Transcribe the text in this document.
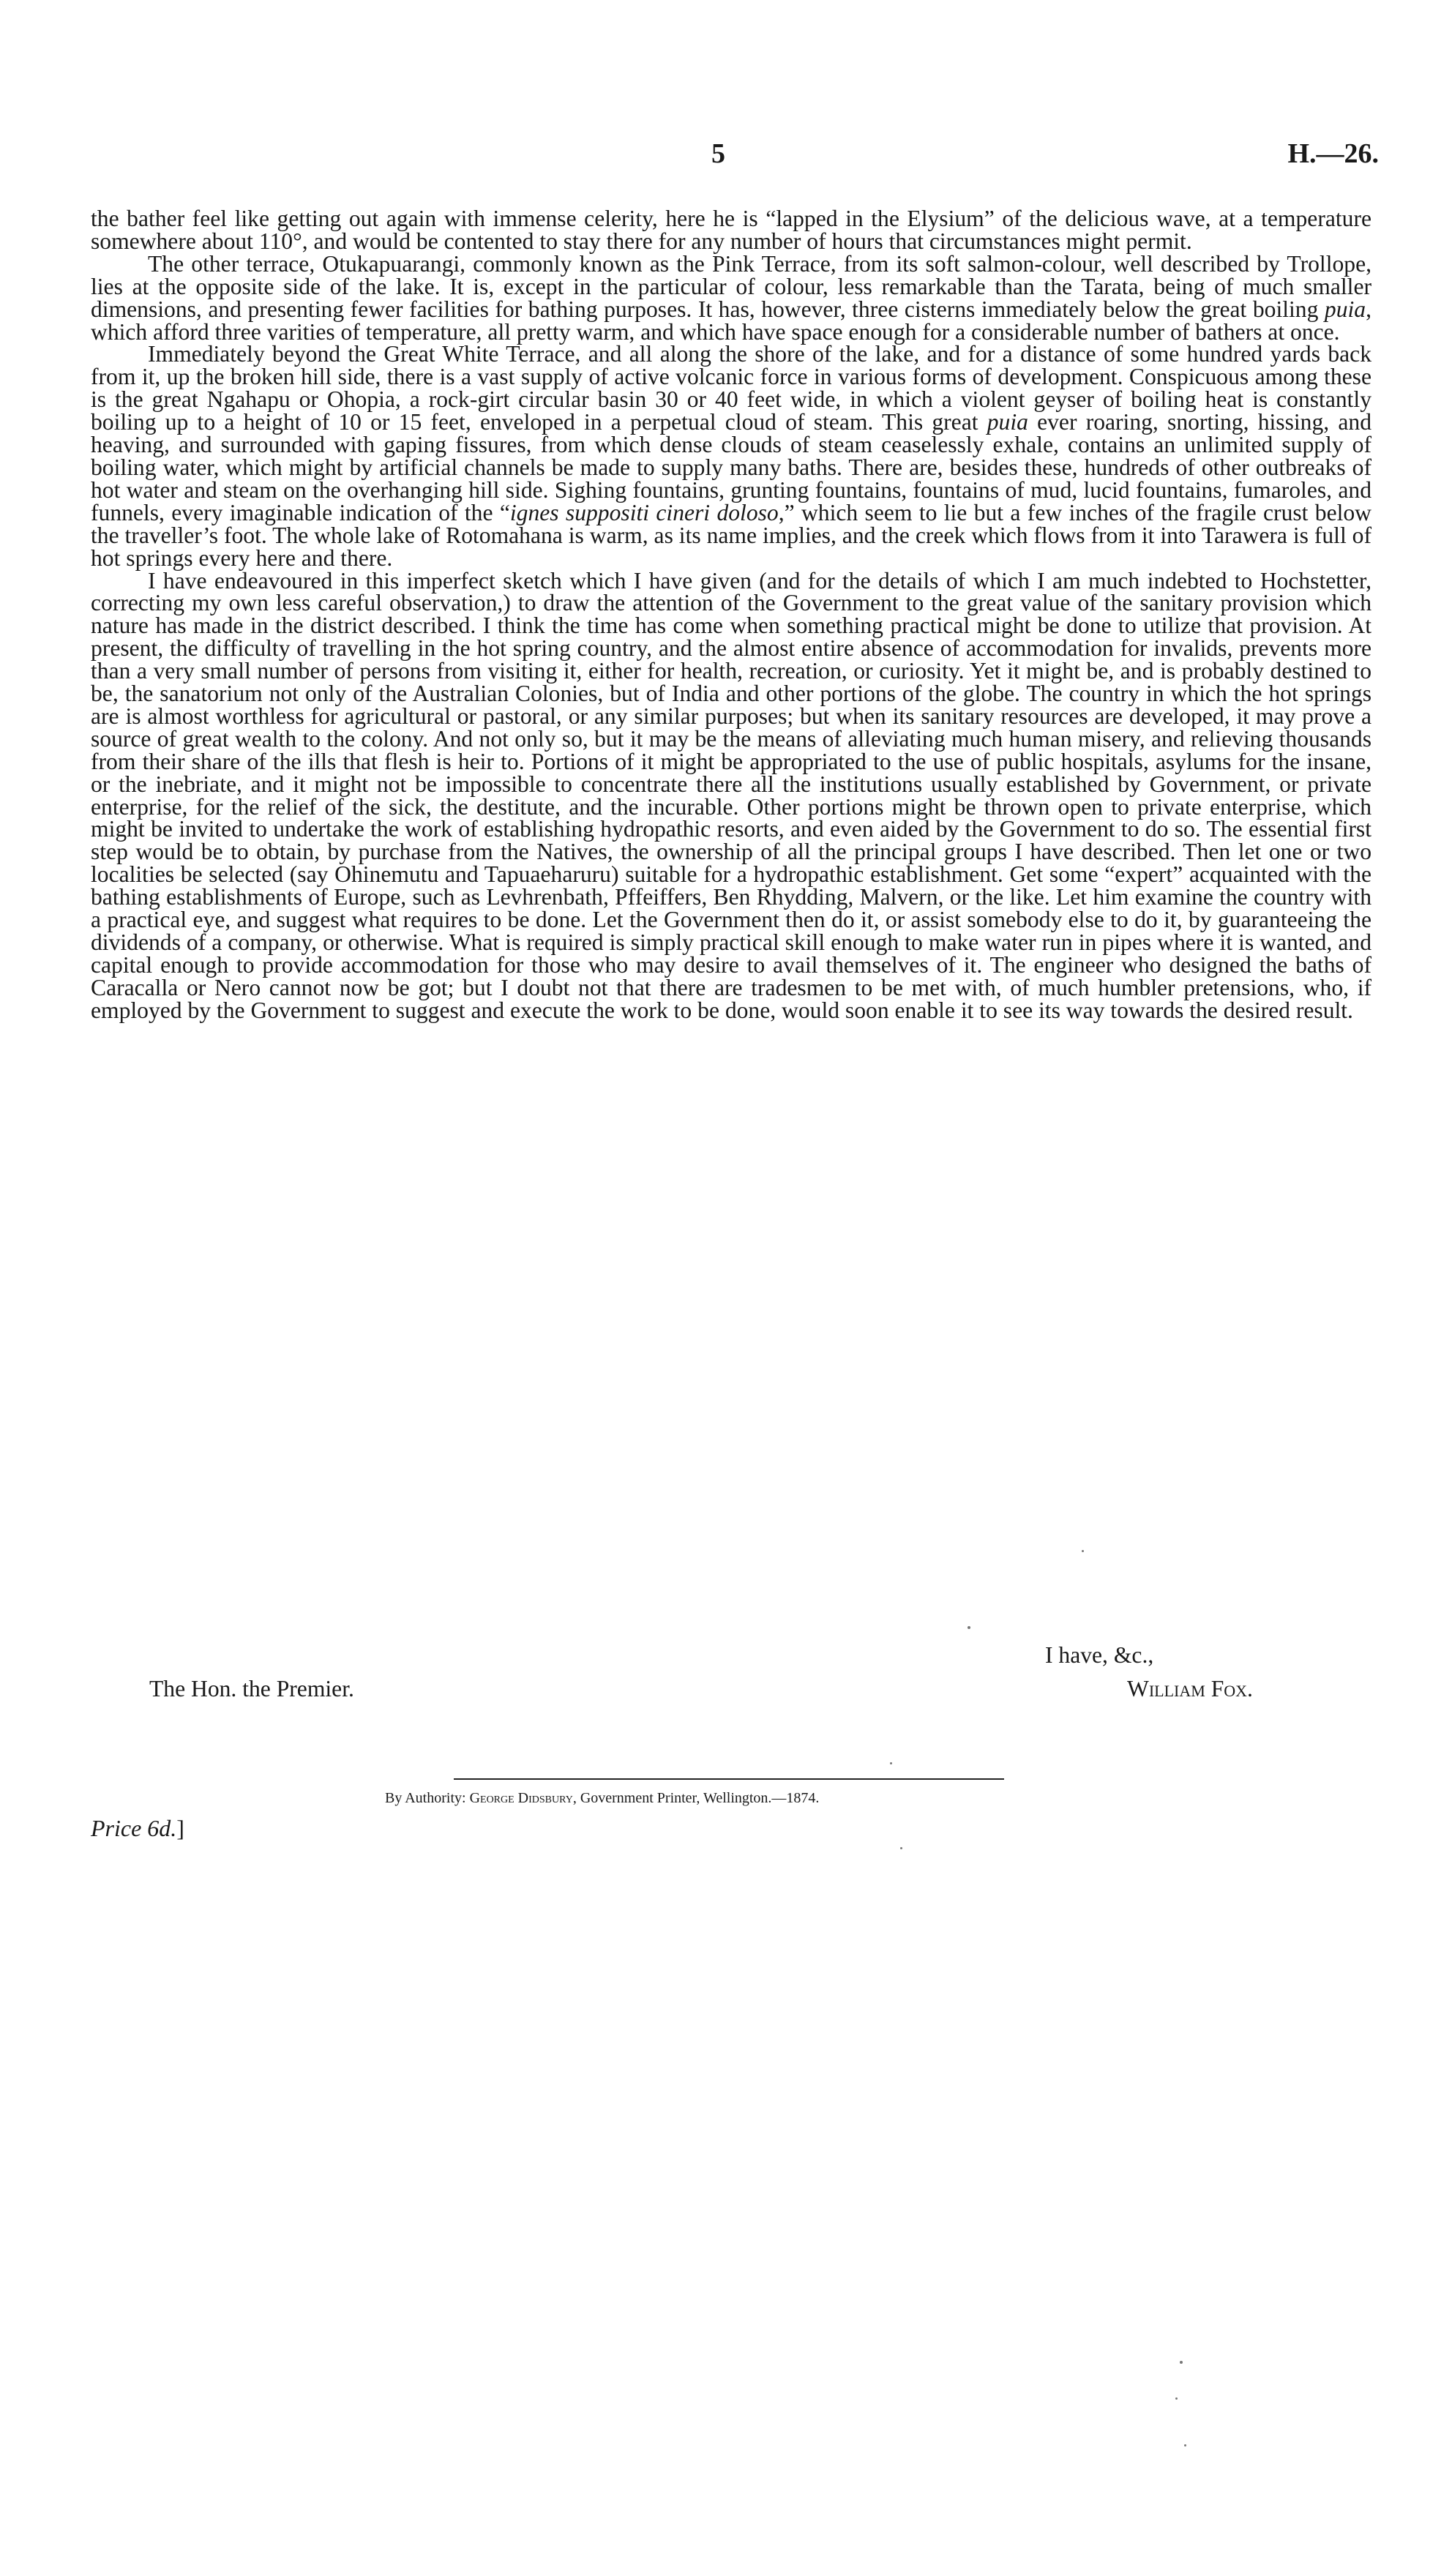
5	H.—26.

the bather feel like getting out again with immense celerity, here he is “lapped in the Elysium” of the delicious wave, at a temperature somewhere about 110°, and would be contented to stay there for any number of hours that circumstances might permit.

The other terrace, Otukapuarangi, commonly known as the Pink Terrace, from its soft salmon-colour, well described by Trollope, lies at the opposite side of the lake. It is, except in the particular of colour, less remarkable than the Tarata, being of much smaller dimensions, and presenting fewer facilities for bathing purposes. It has, however, three cisterns immediately below the great boiling puia, which afford three varities of temperature, all pretty warm, and which have space enough for a considerable number of bathers at once.

Immediately beyond the Great White Terrace, and all along the shore of the lake, and for a distance of some hundred yards back from it, up the broken hill side, there is a vast supply of active volcanic force in various forms of development. Conspicuous among these is the great Ngahapu or Ohopia, a rock-girt circular basin 30 or 40 feet wide, in which a violent geyser of boiling heat is constantly boiling up to a height of 10 or 15 feet, enveloped in a perpetual cloud of steam. This great puia ever roaring, snorting, hissing, and heaving, and surrounded with gaping fissures, from which dense clouds of steam ceaselessly exhale, contains an unlimited supply of boiling water, which might by artificial channels be made to supply many baths. There are, besides these, hundreds of other outbreaks of hot water and steam on the overhanging hill side. Sighing fountains, grunting fountains, fountains of mud, lucid fountains, fumaroles, and funnels, every imaginable indication of the “ignes suppositi cineri doloso,” which seem to lie but a few inches of the fragile crust below the traveller’s foot. The whole lake of Rotomahana is warm, as its name implies, and the creek which flows from it into Tarawera is full of hot springs every here and there.

I have endeavoured in this imperfect sketch which I have given (and for the details of which I am much indebted to Hochstetter, correcting my own less careful observation,) to draw the attention of the Government to the great value of the sanitary provision which nature has made in the district described. I think the time has come when something practical might be done to utilize that provision. At present, the difficulty of travelling in the hot spring country, and the almost entire absence of accommodation for invalids, prevents more than a very small number of persons from visiting it, either for health, recreation, or curiosity. Yet it might be, and is probably destined to be, the sanatorium not only of the Australian Colonies, but of India and other portions of the globe. The country in which the hot springs are is almost worthless for agricultural or pastoral, or any similar purposes; but when its sanitary resources are developed, it may prove a source of great wealth to the colony. And not only so, but it may be the means of alleviating much human misery, and relieving thousands from their share of the ills that flesh is heir to. Portions of it might be appropriated to the use of public hospitals, asylums for the insane, or the inebriate, and it might not be impossible to concentrate there all the institutions usually established by Government, or private enterprise, for the relief of the sick, the destitute, and the incurable. Other portions might be thrown open to private enterprise, which might be invited to undertake the work of establishing hydropathic resorts, and even aided by the Government to do so. The essential first step would be to obtain, by purchase from the Natives, the ownership of all the principal groups I have described. Then let one or two localities be selected (say Ohinemutu and Tapuaeharuru) suitable for a hydropathic establishment. Get some “expert” acquainted with the bathing establishments of Europe, such as Levhrenbath, Pffeiffers, Ben Rhydding, Malvern, or the like. Let him examine the country with a practical eye, and suggest what requires to be done. Let the Government then do it, or assist somebody else to do it, by guaranteeing the dividends of a company, or otherwise. What is required is simply practical skill enough to make water run in pipes where it is wanted, and capital enough to provide accommodation for those who may desire to avail themselves of it. The engineer who designed the baths of Caracalla or Nero cannot now be got; but I doubt not that there are tradesmen to be met with, of much humbler pretensions, who, if employed by the Government to suggest and execute the work to be done, would soon enable it to see its way towards the desired result.

I have, &c.,
The Hon. the Premier.	William Fox.
By Authority: George Didsbury, Government Printer, Wellington.—1874.
Price 6d.]
